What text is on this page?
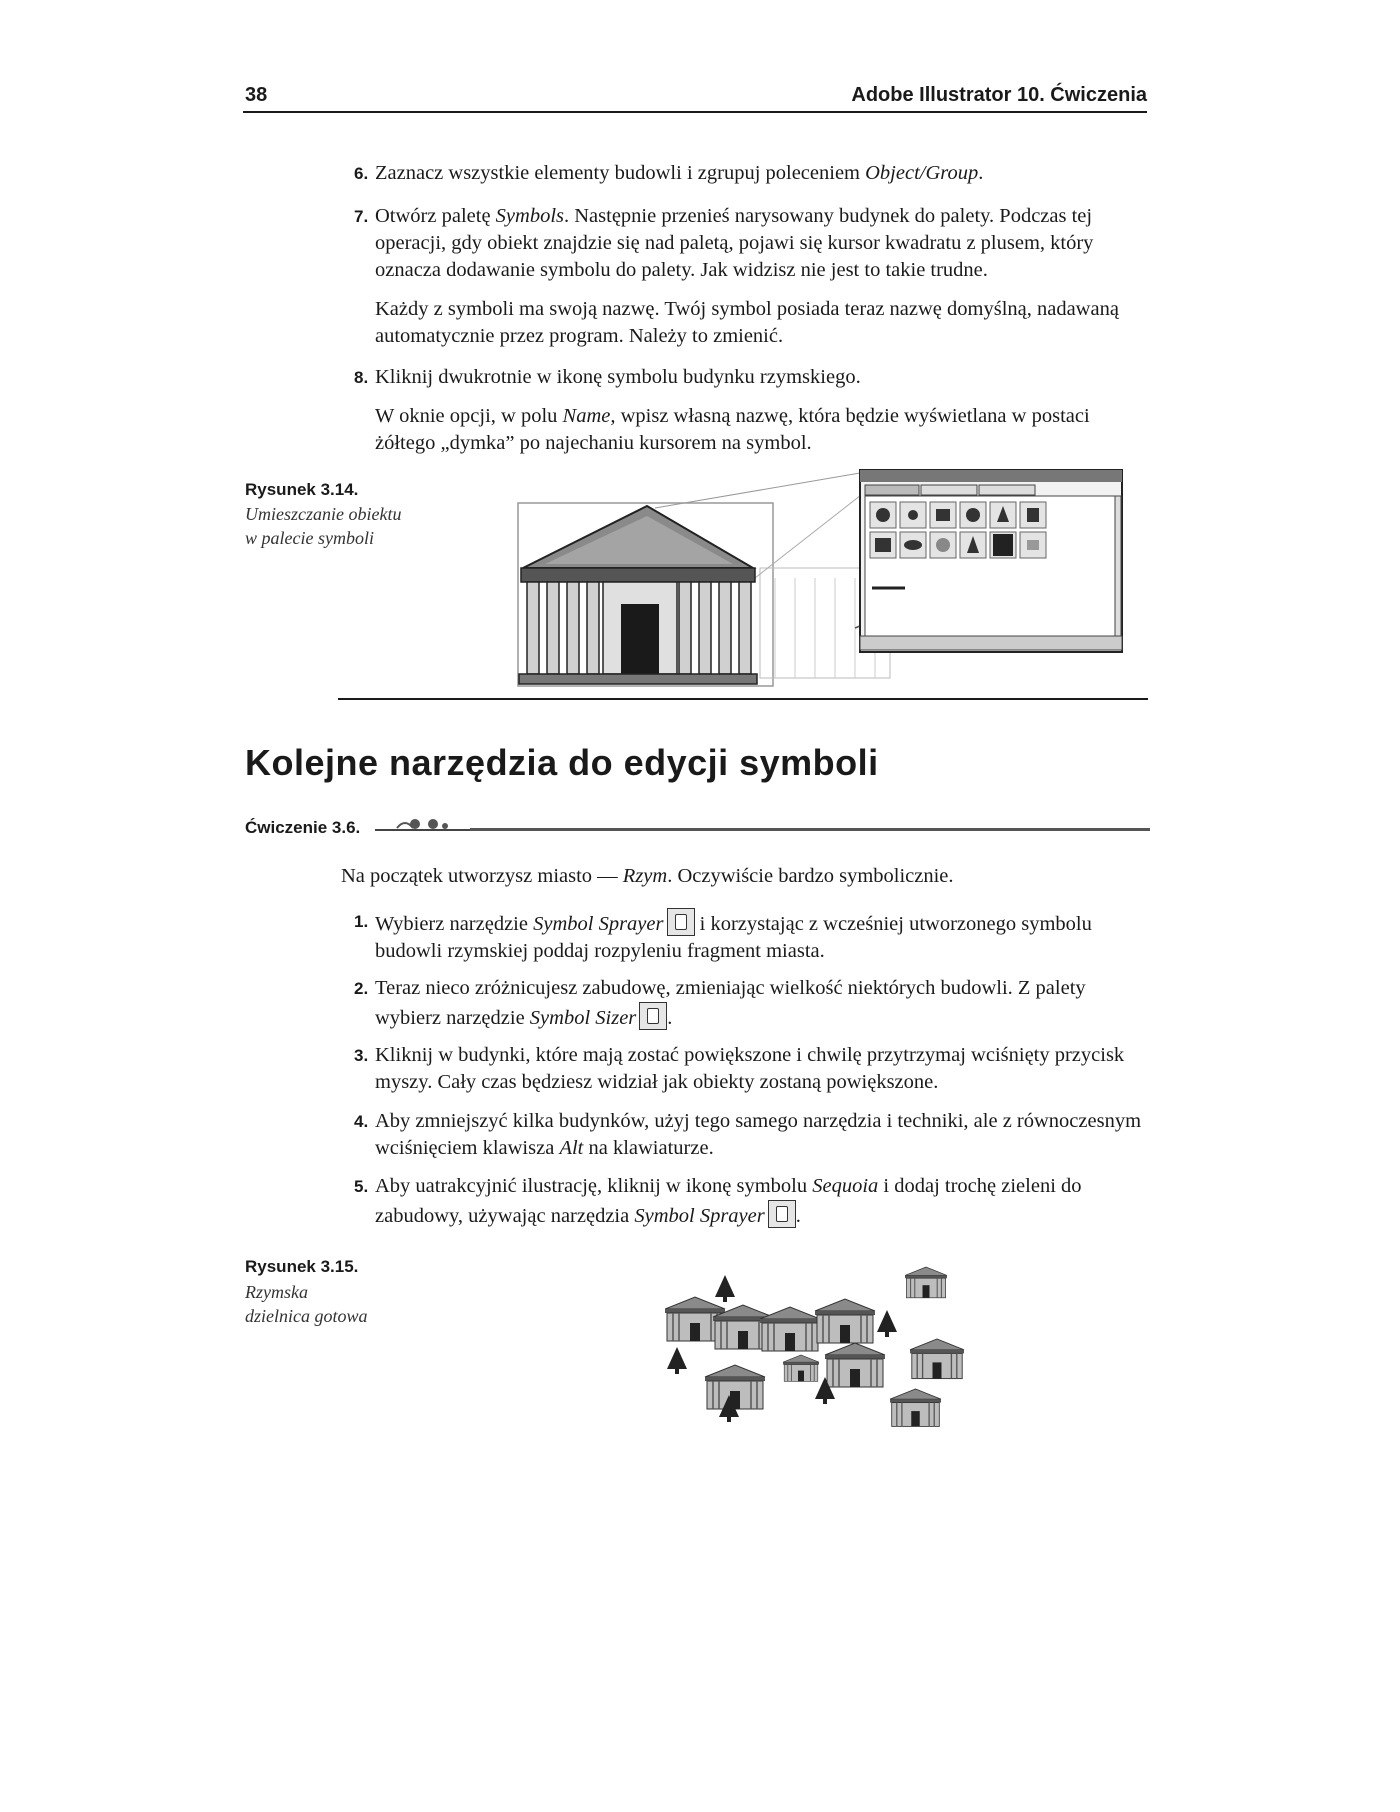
38	Adobe Illustrator 10. Ćwiczenia
6. Zaznacz wszystkie elementy budowli i zgrupuj poleceniem Object/Group.
7. Otwórz paletę Symbols. Następnie przenieś narysowany budynek do palety. Podczas tej operacji, gdy obiekt znajdzie się nad paletą, pojawi się kursor kwadratu z plusem, który oznacza dodawanie symbolu do palety. Jak widzisz nie jest to takie trudne.
Każdy z symboli ma swoją nazwę. Twój symbol posiada teraz nazwę domyślną, nadawaną automatycznie przez program. Należy to zmienić.
8. Kliknij dwukrotnie w ikonę symbolu budynku rzymskiego.
W oknie opcji, w polu Name, wpisz własną nazwę, która będzie wyświetlana w postaci żółtego „dymka” po najechaniu kursorem na symbol.
Rysunek 3.14.
Umieszczanie obiektu
w palecie symboli
Kolejne narzędzia do edycji symboli
Ćwiczenie 3.6.
Na początek utworzysz miasto — Rzym. Oczywiście bardzo symbolicznie.
1. Wybierz narzędzie Symbol Sprayer i korzystając z wcześniej utworzonego symbolu budowli rzymskiej poddaj rozpyleniu fragment miasta.
2. Teraz nieco zróżnicujesz zabudowę, zmieniając wielkość niektórych budowli. Z palety wybierz narzędzie Symbol Sizer .
3. Kliknij w budynki, które mają zostać powiększone i chwilę przytrzymaj wciśnięty przycisk myszy. Cały czas będziesz widział jak obiekty zostaną powiększone.
4. Aby zmniejszyć kilka budynków, użyj tego samego narzędzia i techniki, ale z równoczesnym wciśnięciem klawisza Alt na klawiaturze.
5. Aby uatrakcyjnić ilustrację, kliknij w ikonę symbolu Sequoia i dodaj trochę zieleni do zabudowy, używając narzędzia Symbol Sprayer .
Rysunek 3.15.
Rzymska
dzielnica gotowa
